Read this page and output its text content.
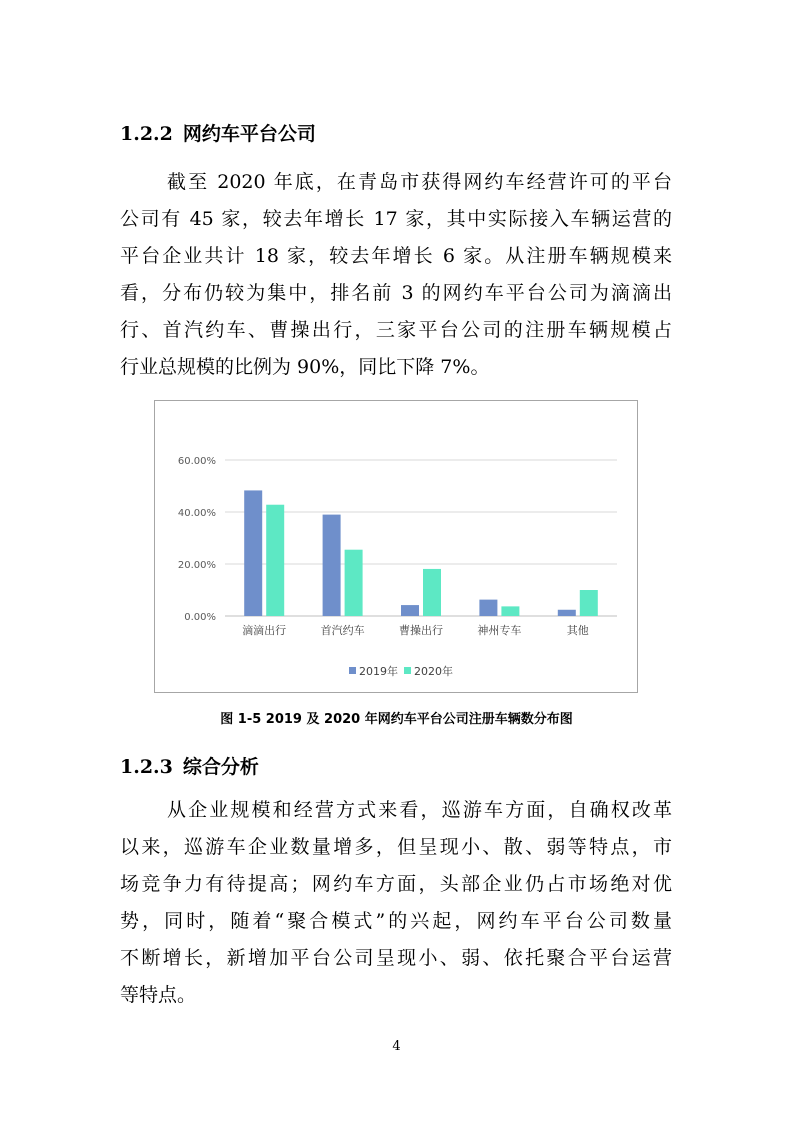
1.2.2 网约车平台公司
截至 2020 年底，在青岛市获得网约车经营许可的平台
公司有 45 家，较去年增长 17 家，其中实际接入车辆运营的
平台企业共计 18 家，较去年增长 6 家。从注册车辆规模来
看，分布仍较为集中，排名前 3 的网约车平台公司为滴滴出
行、首汽约车、曹操出行，三家平台公司的注册车辆规模占
行业总规模的比例为 90%，同比下降 7%。
0.00%
20.00%
40.00%
60.00%
滴滴出行	首汽约车	曹操出行	神州专车	其他
2019年 2020年
图 1-5 2019 及 2020 年网约车平台公司注册车辆数分布图
1.2.3 综合分析
从企业规模和经营方式来看，巡游车方面，自确权改革
以来，巡游车企业数量增多，但呈现小、散、弱等特点，市
场竞争力有待提高；网约车方面，头部企业仍占市场绝对优
势，同时，随着“聚合模式”的兴起，网约车平台公司数量
不断增长，新增加平台公司呈现小、弱、依托聚合平台运营
等特点。
4
